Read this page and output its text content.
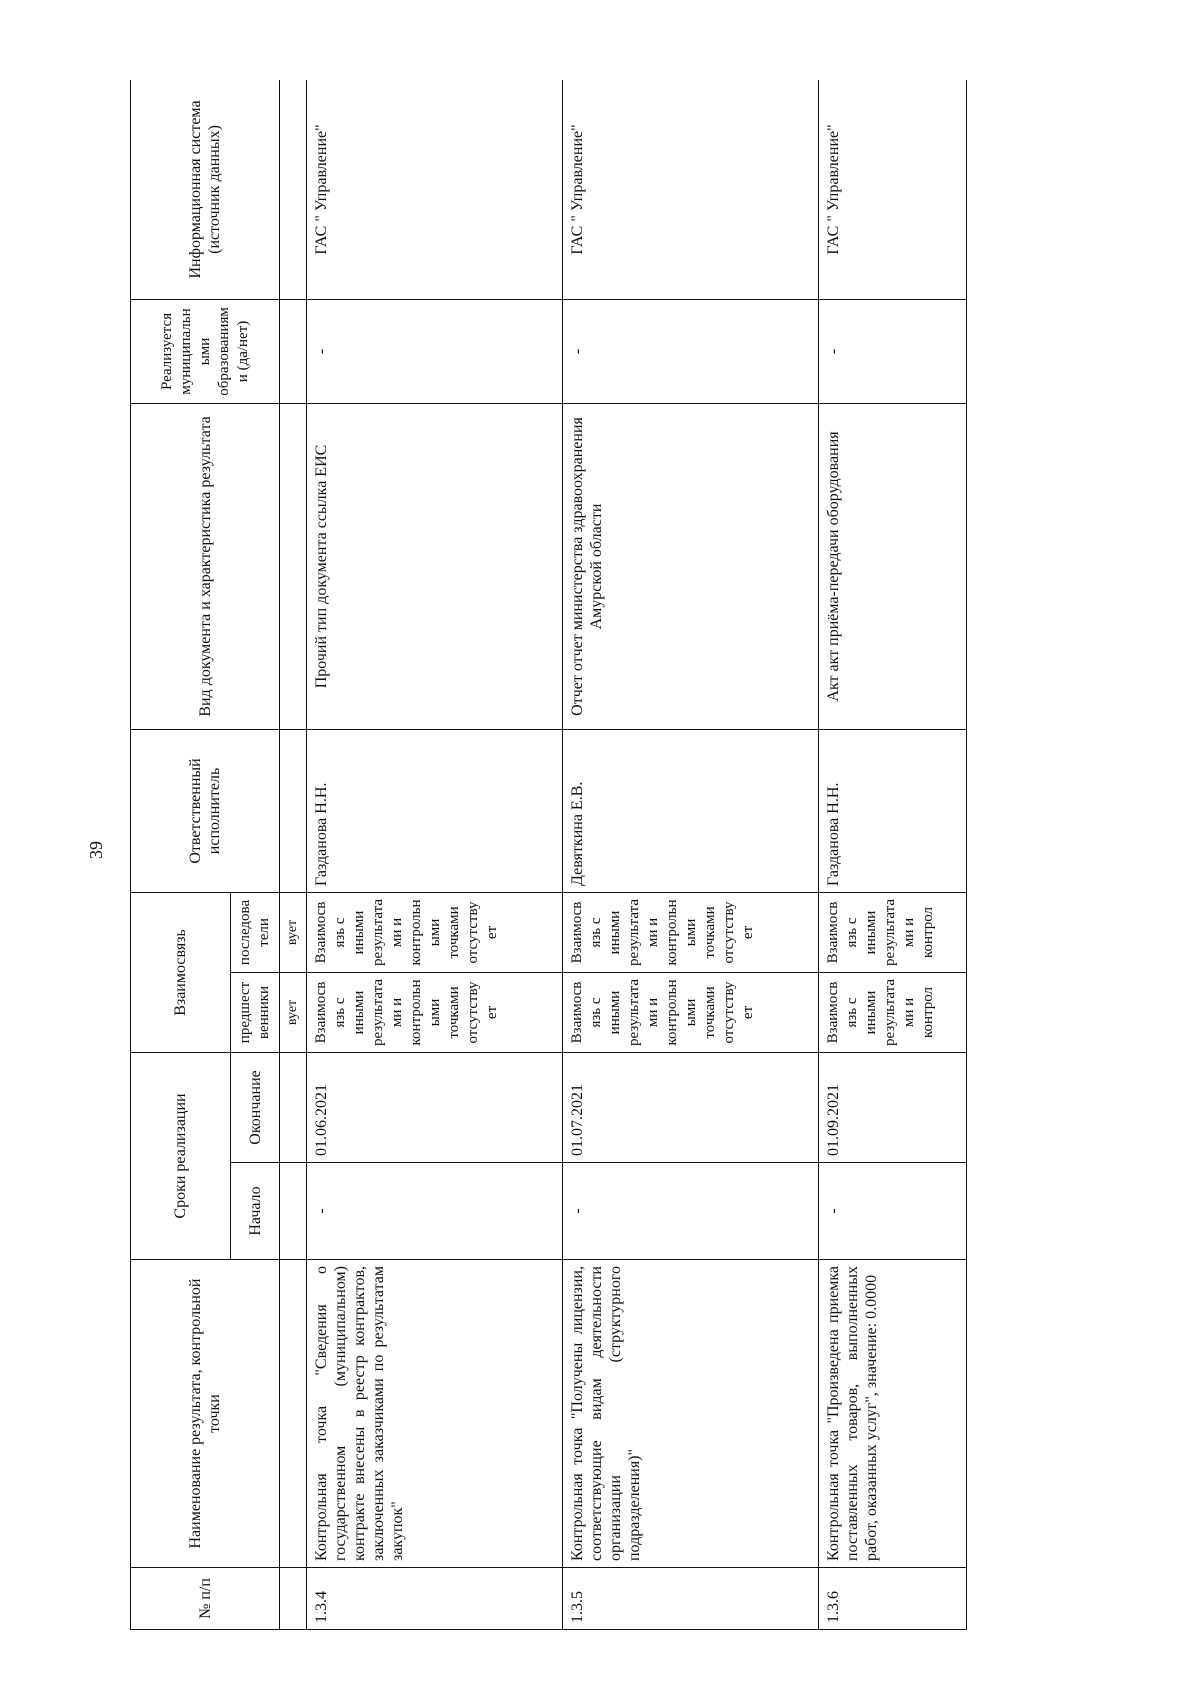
39
№ п/п	Наименование результата, контрольной точки	Сроки реализации		Взаимосвязь		Ответственный исполнитель	Вид документа и характеристика результата	Реализуется муниципальными образованиями (да/нет)	Информационная система (источник данных)
		Начало	Окончание	предшественники	последователи				
				вует	вует				
1.3.4	Контрольная точка "Сведения о государственном (муниципальном) контракте внесены в реестр контрактов, заключенных заказчиками по результатам закупок"	-	01.06.2021	Взаимосвязь с иными результатами и контрольными точками отсутствует	Взаимосвязь с иными результатами и контрольными точками отсутствует	Газданова Н.Н.	Прочий тип документа ссылка ЕИС	-	ГАС " Управление"
1.3.5	Контрольная точка "Получены лицензии, соответствующие видам деятельности организации (структурного подразделения)"	-	01.07.2021	Взаимосвязь с иными результатами и контрольными точками отсутствует	Взаимосвязь с иными результатами и контрольными точками отсутствует	Девяткина Е.В.	Отчет отчет министерства здравоохранения Амурской области	-	ГАС " Управление"
1.3.6	Контрольная точка "Произведена приемка поставленных товаров, выполненных работ, оказанных услуг", значение: 0.0000	-	01.09.2021	Взаимосвязь с иными результатами и контрол	Взаимосвязь с иными результатами и контрол	Газданова Н.Н.	Акт акт приёма-передачи оборудования	-	ГАС " Управление"
